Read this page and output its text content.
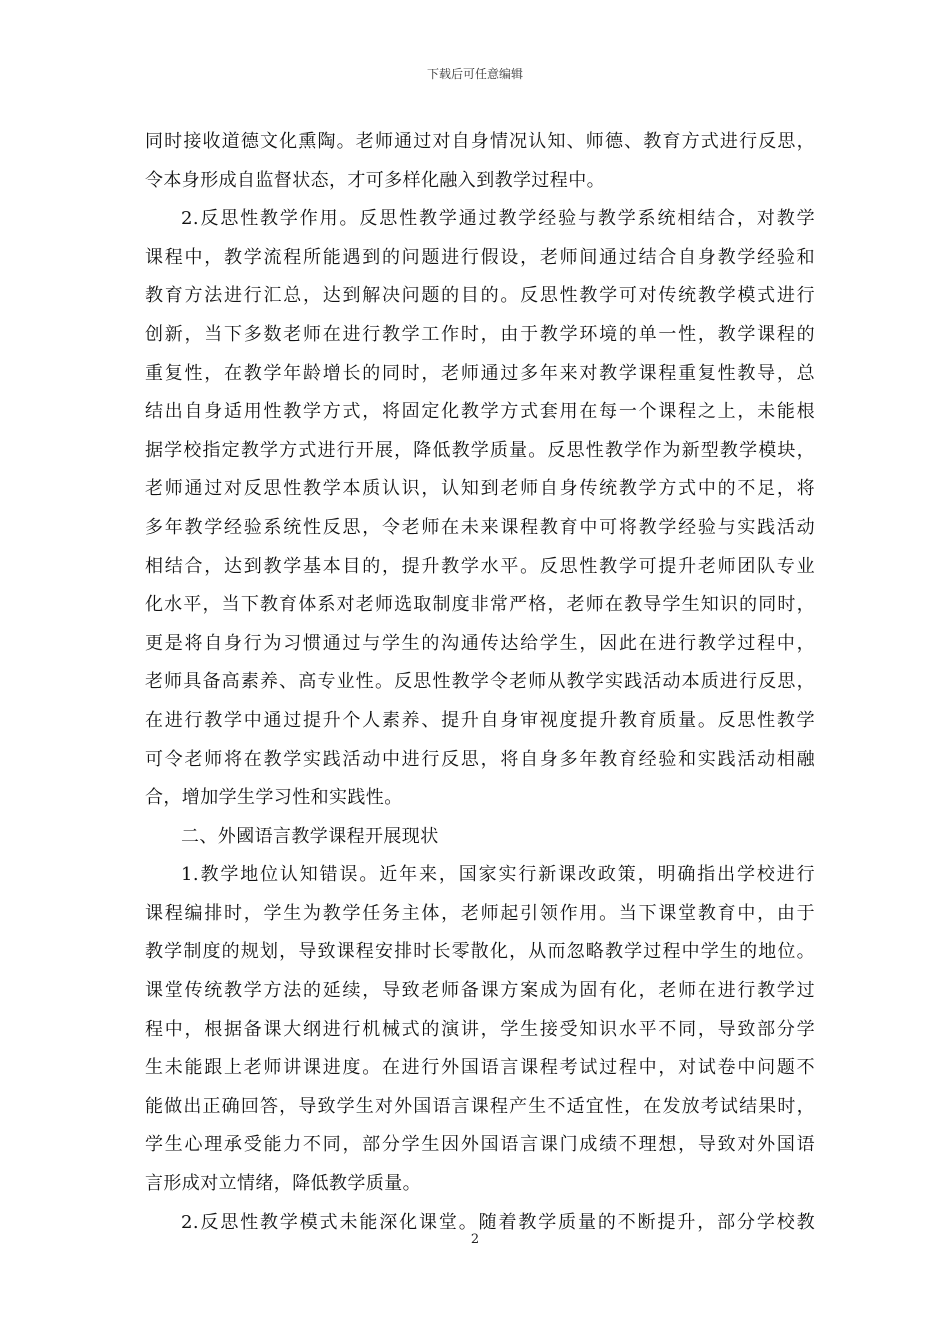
下载后可任意编辑
同时接收道德文化熏陶。老师通过对自身情况认知、师德、教育方式进行反思，
令本身形成自监督状态，才可多样化融入到教学过程中。
2.反思性教学作用。反思性教学通过教学经验与教学系统相结合，对教学
课程中，教学流程所能遇到的问题进行假设，老师间通过结合自身教学经验和
教育方法进行汇总，达到解决问题的目的。反思性教学可对传统教学模式进行
创新，当下多数老师在进行教学工作时，由于教学环境的单一性，教学课程的
重复性，在教学年龄增长的同时，老师通过多年来对教学课程重复性教导，总
结出自身适用性教学方式，将固定化教学方式套用在每一个课程之上，未能根
据学校指定教学方式进行开展，降低教学质量。反思性教学作为新型教学模块，
老师通过对反思性教学本质认识，认知到老师自身传统教学方式中的不足，将
多年教学经验系统性反思，令老师在未来课程教育中可将教学经验与实践活动
相结合，达到教学基本目的，提升教学水平。反思性教学可提升老师团队专业
化水平，当下教育体系对老师选取制度非常严格，老师在教导学生知识的同时，
更是将自身行为习惯通过与学生的沟通传达给学生，因此在进行教学过程中，
老师具备高素养、高专业性。反思性教学令老师从教学实践活动本质进行反思，
在进行教学中通过提升个人素养、提升自身审视度提升教育质量。反思性教学
可令老师将在教学实践活动中进行反思，将自身多年教育经验和实践活动相融
合，增加学生学习性和实践性。
二、外國语言教学课程开展现状
1.教学地位认知错误。近年来，国家实行新课改政策，明确指出学校进行
课程编排时，学生为教学任务主体，老师起引领作用。当下课堂教育中，由于
教学制度的规划，导致课程安排时长零散化，从而忽略教学过程中学生的地位。
课堂传统教学方法的延续，导致老师备课方案成为固有化，老师在进行教学过
程中，根据备课大纲进行机械式的演讲，学生接受知识水平不同，导致部分学
生未能跟上老师讲课进度。在进行外国语言课程考试过程中，对试卷中问题不
能做出正确回答，导致学生对外国语言课程产生不适宜性，在发放考试结果时，
学生心理承受能力不同，部分学生因外国语言课门成绩不理想，导致对外国语
言形成对立情绪，降低教学质量。
2.反思性教学模式未能深化课堂。随着教学质量的不断提升，部分学校教
2
